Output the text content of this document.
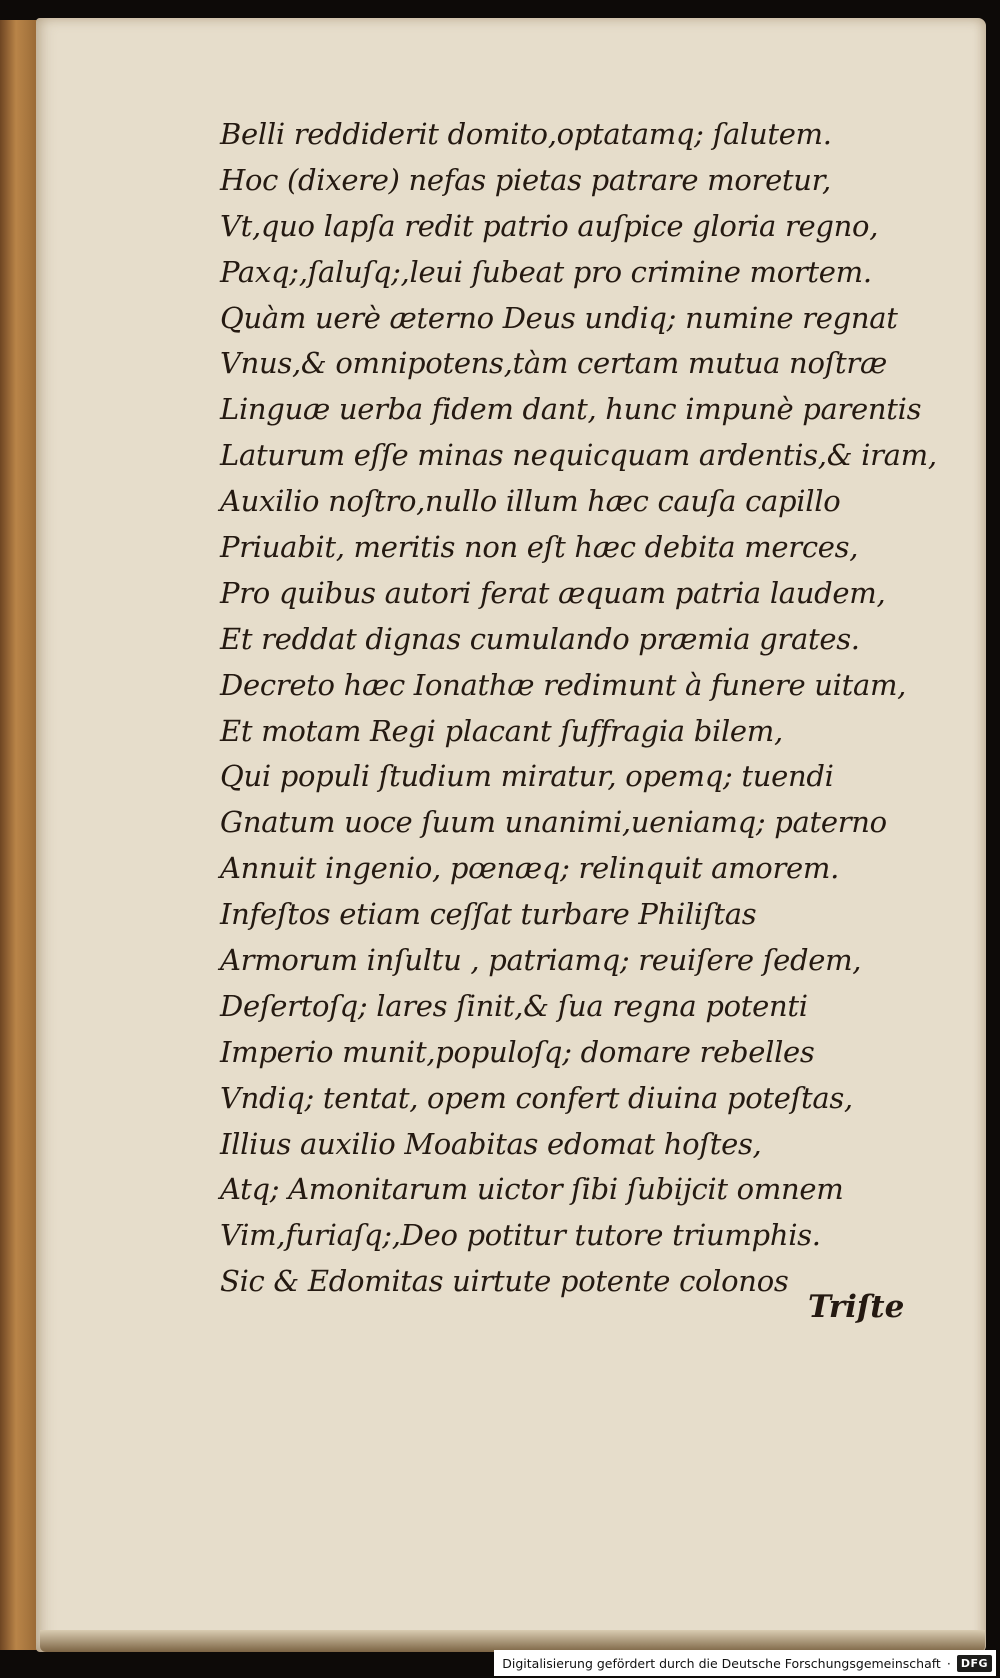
Belli reddiderit domito,optatamq; ſalutem.
Hoc (dixere) nefas pietas patrare moretur,
Vt,quo lapſa redit patrio auſpice gloria regno,
Paxq;,ſaluſq;,leui ſubeat pro crimine mortem.
Quàm uerè æterno Deus undiq; numine regnat
Vnus,& omnipotens,tàm certam mutua noſtræ
Linguæ uerba fidem dant, hunc impunè parentis
Laturum eſſe minas nequicquam ardentis,& iram,
Auxilio noſtro,nullo illum hæc cauſa capillo
Priuabit, meritis non eſt hæc debita merces,
Pro quibus autori ferat æquam patria laudem,
Et reddat dignas cumulando præmia grates.
Decreto hæc Ionathæ redimunt à funere uitam,
Et motam Regi placant ſuffragia bilem,
Qui populi ſtudium miratur, opemq; tuendi
Gnatum uoce ſuum unanimi,ueniamq; paterno
Annuit ingenio, pœnæq; relinquit amorem.
Infeſtos etiam ceſſat turbare Philiſtas
Armorum inſultu , patriamq; reuiſere ſedem,
Deſertoſq; lares ſinit,& ſua regna potenti
Imperio munit,populoſq; domare rebelles
Vndiq; tentat, opem confert diuina poteſtas,
Illius auxilio Moabitas edomat hoſtes,
Atq; Amonitarum uictor ſibi ſubijcit omnem
Vim,furiaſq;,Deo potitur tutore triumphis.
Sic & Edomitas uirtute potente colonos
Triſte
Digitalisierung gefördert durch die Deutsche Forschungsgemeinschaft · DFG
